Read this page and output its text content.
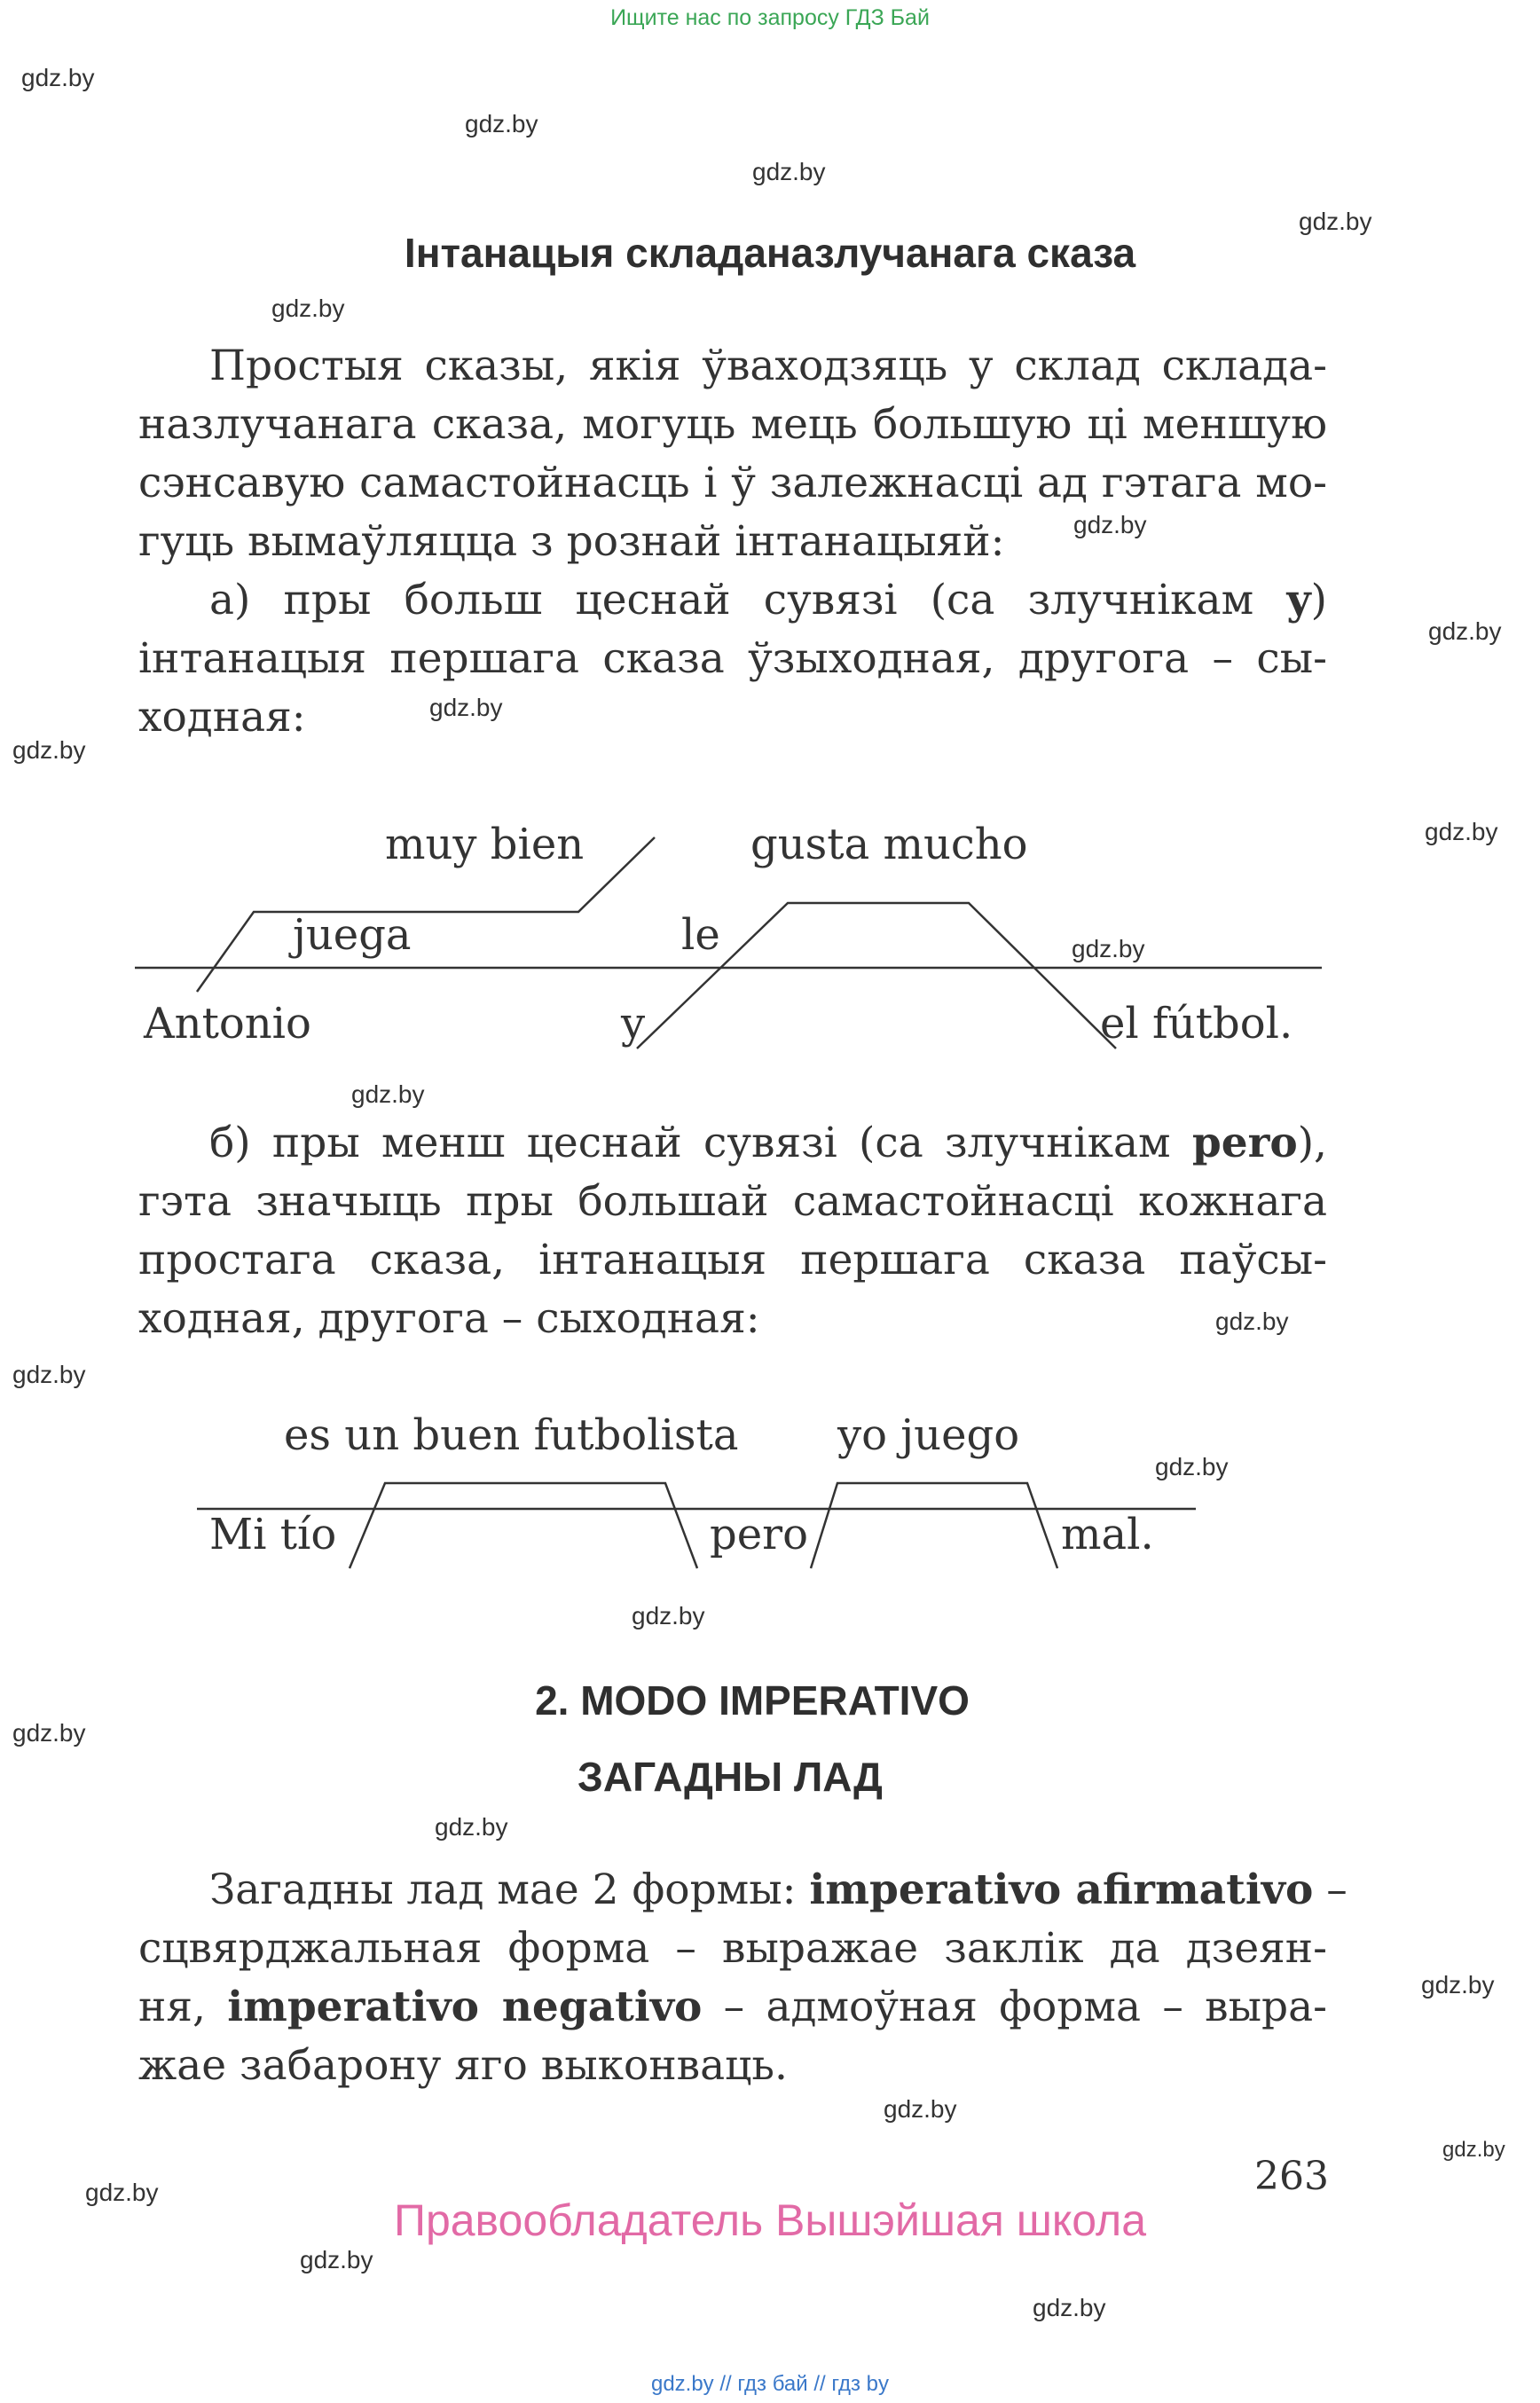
Ищите нас по запросу ГДЗ Бай
gdz.by
gdz.by
gdz.by
gdz.by
gdz.by
gdz.by
gdz.by
gdz.by
gdz.by
gdz.by
gdz.by
gdz.by
gdz.by
gdz.by
gdz.by
gdz.by
gdz.by
gdz.by
gdz.by
gdz.by
gdz.by
gdz.by
gdz.by
gdz.by
Інтанацыя складаназлучанага сказа
Простыя сказы, якія ўваходзяць у склад складa-
назлучанага сказа, могуць мець большую ці меншую
сэнсавую самастойнасць і ў залежнасці ад гэтага мо-
гуць вымаўляцца з рознай інтанацыяй:
а) пры больш цеснай сувязі (са злучнікам y)
інтанацыя першага сказа ўзыходная, другога – сы-
ходная:
Antonio
juega
muy bien
y
le
gusta mucho
el fútbol.
б) пры менш цеснай сувязі (са злучнікам pero),
гэта значыць пры большай самастойнасці кожнага
простага сказа, інтанацыя першага сказа паўсы-
ходная, другога – сыходная:
Mi tío
es un buen futbolista
pero
yo juego
mal.
2. MODO IMPERATIVO
ЗАГАДНЫ ЛАД
Загадны лад мае 2 формы: imperativo afirmativo –
сцвярджальная форма – выражае заклік да дзеян-
ня, imperativo negativo – адмоўная форма – выра-
жае забарону яго выконваць.
263
Правообладатель Вышэйшая школа
gdz.by // гдз бай // гдз by
